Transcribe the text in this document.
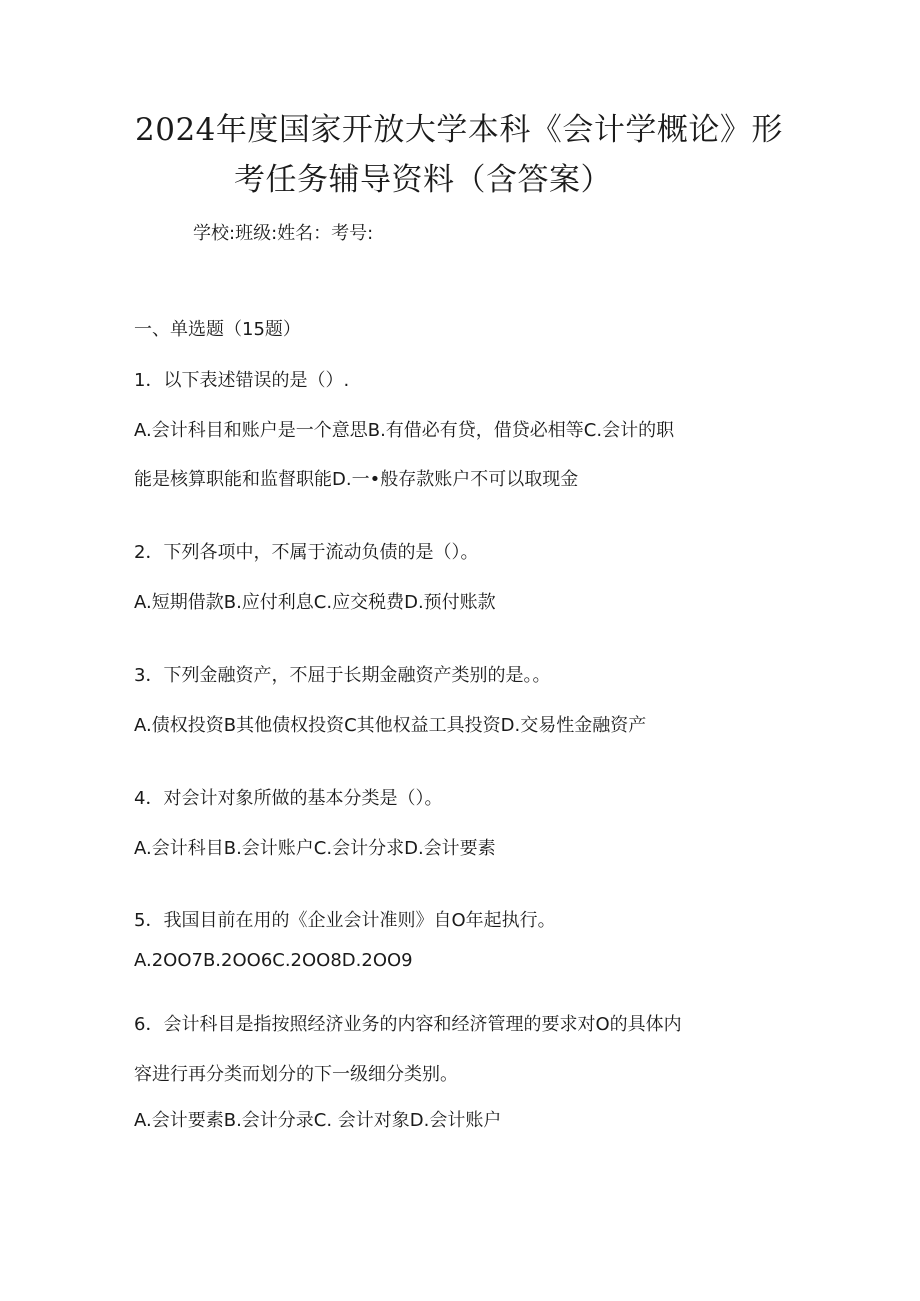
2024年度国家开放大学本科《会计学概论》形
考任务辅导资料（含答案）
学校:班级:姓名：考号:
一、单选题（15题）
1．以下表述错误的是（）.
A.会计科目和账户是一个意思B.有借必有贷，借贷必相等C.会计的职
能是核算职能和监督职能D.一•般存款账户不可以取现金
2．下列各项中，不属于流动负债的是（）。
A.短期借款B.应付利息C.应交税费D.预付账款
3．下列金融资产，不屈于长期金融资产类别的是。。
A.债权投资B其他债权投资C其他权益工具投资D.交易性金融资产
4．对会计对象所做的基本分类是（）。
A.会计科目B.会计账户C.会计分求D.会计要素
5．我国目前在用的《企业会计准则》自O年起执行。
A.2OO7B.2OO6C.2OO8D.2OO9
6．会计科目是指按照经济业务的内容和经济管理的要求对O的具体内
容进行再分类而划分的下一级细分类别。
A.会计要素B.会计分录C. 会计对象D.会计账户
